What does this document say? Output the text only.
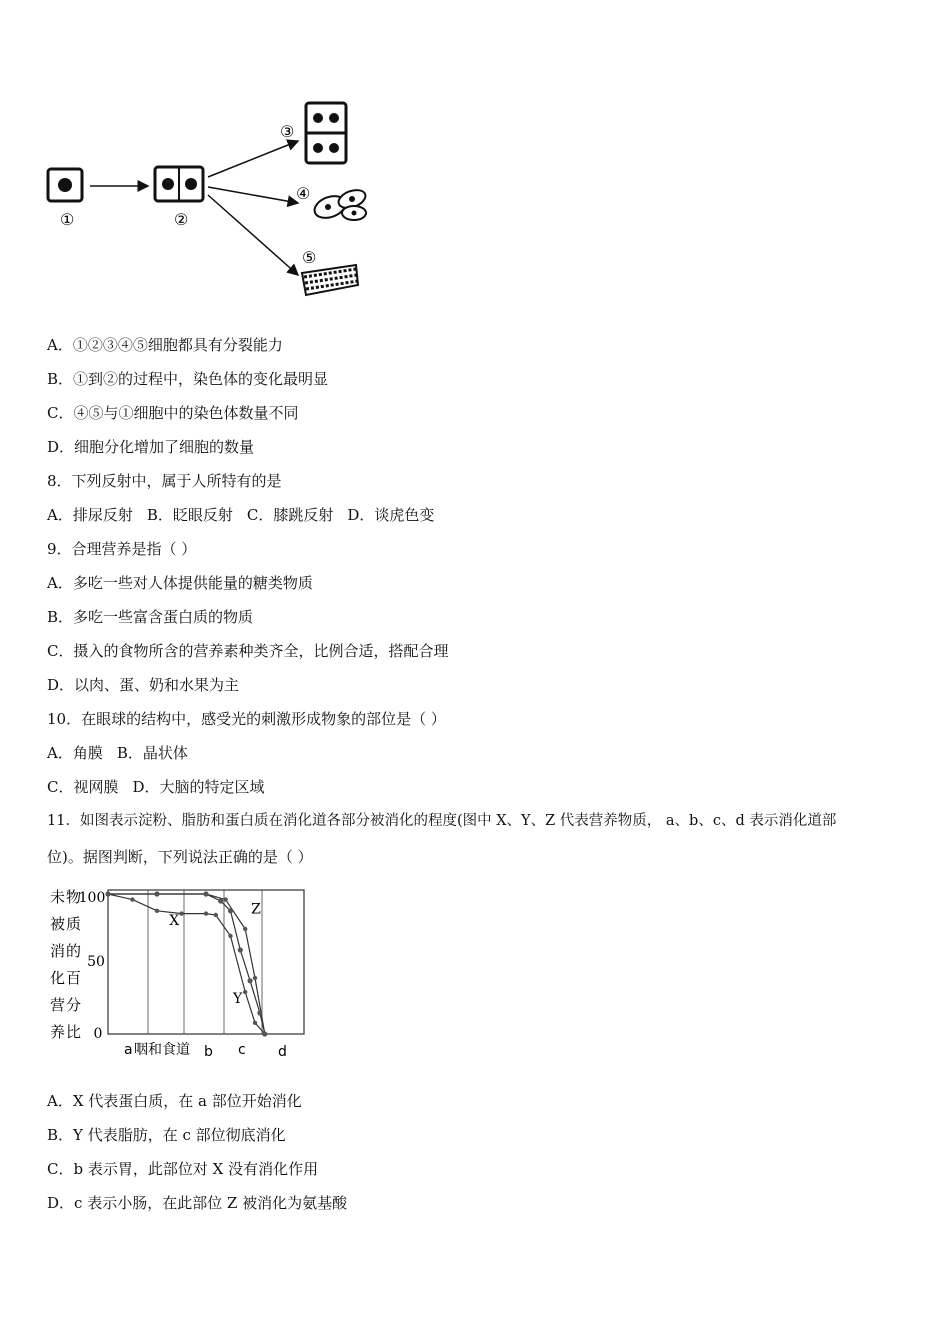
①	②
③
④
⑤
A．①②③④⑤细胞都具有分裂能力
B．①到②的过程中，染色体的变化最明显
C．④⑤与①细胞中的染色体数量不同
D．细胞分化增加了细胞的数量
8．下列反射中，属于人所特有的是
A．排尿反射 B．眨眼反射 C．膝跳反射 D．谈虎色变
9．合理营养是指（ ）
A．多吃一些对人体提供能量的糖类物质
B．多吃一些富含蛋白质的物质
C．摄入的食物所含的营养素种类齐全，比例合适，搭配合理
D．以肉、蛋、奶和水果为主
10．在眼球的结构中，感受光的刺激形成物象的部位是（ ）
A．角膜 B．晶状体
C．视网膜 D．大脑的特定区域
11．如图表示淀粉、脂肪和蛋白质在消化道各部分被消化的程度(图中 X、Y、Z 代表营养物质， a、b、c、d 表示消化道部
位)。据图判断，下列说法正确的是（ ）
未
被
消
化
营
养
物
质
的
百
分
比
100
50
0
X
Y
Z
a 咽和食道 b c d
A．X 代表蛋白质，在 a 部位开始消化
B．Y 代表脂肪，在 c 部位彻底消化
C．b 表示胃，此部位对 X 没有消化作用
D．c 表示小肠，在此部位 Z 被消化为氨基酸
